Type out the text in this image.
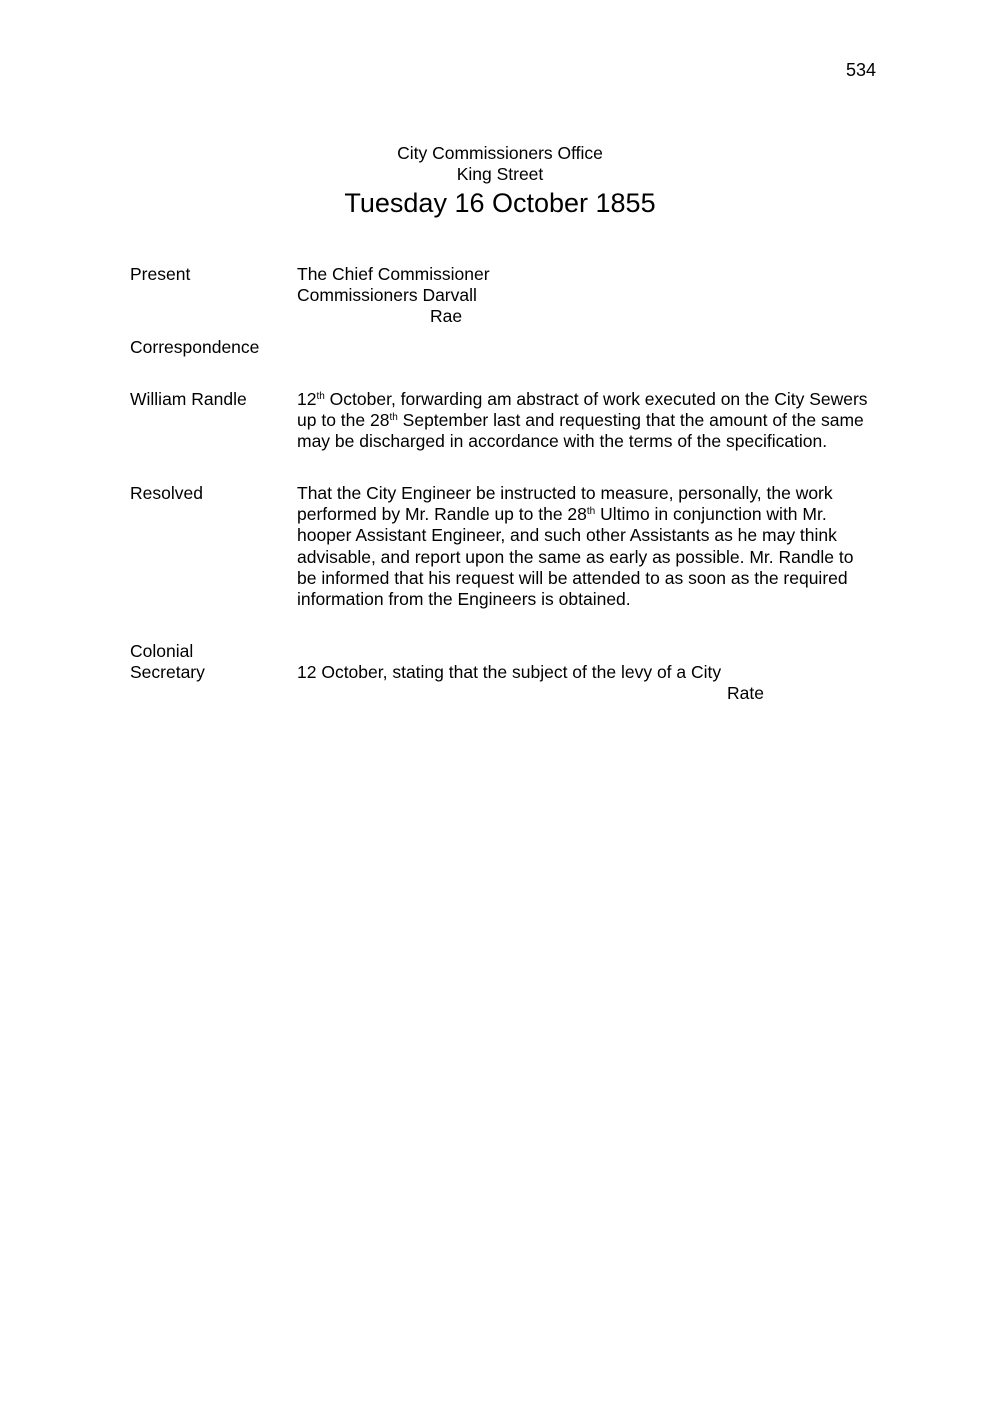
534
City Commissioners Office
King Street
Tuesday 16 October 1855
Present	The Chief Commissioner
Commissioners Darvall
Rae
Correspondence
William Randle	12th October, forwarding am abstract of work executed on the City Sewers
up to the 28th September last and requesting that the amount of the same
may be discharged in accordance with the terms of the specification.
Resolved	That the City Engineer be instructed to measure, personally, the work
performed by Mr. Randle up to the 28th Ultimo in conjunction with Mr.
hooper Assistant Engineer, and such other Assistants as he may think
advisable, and report upon the same as early as possible. Mr. Randle to
be informed that his request will be attended to as soon as the required
information from the Engineers is obtained.
Colonial
Secretary	12 October, stating that the subject of the levy of a City
Rate
